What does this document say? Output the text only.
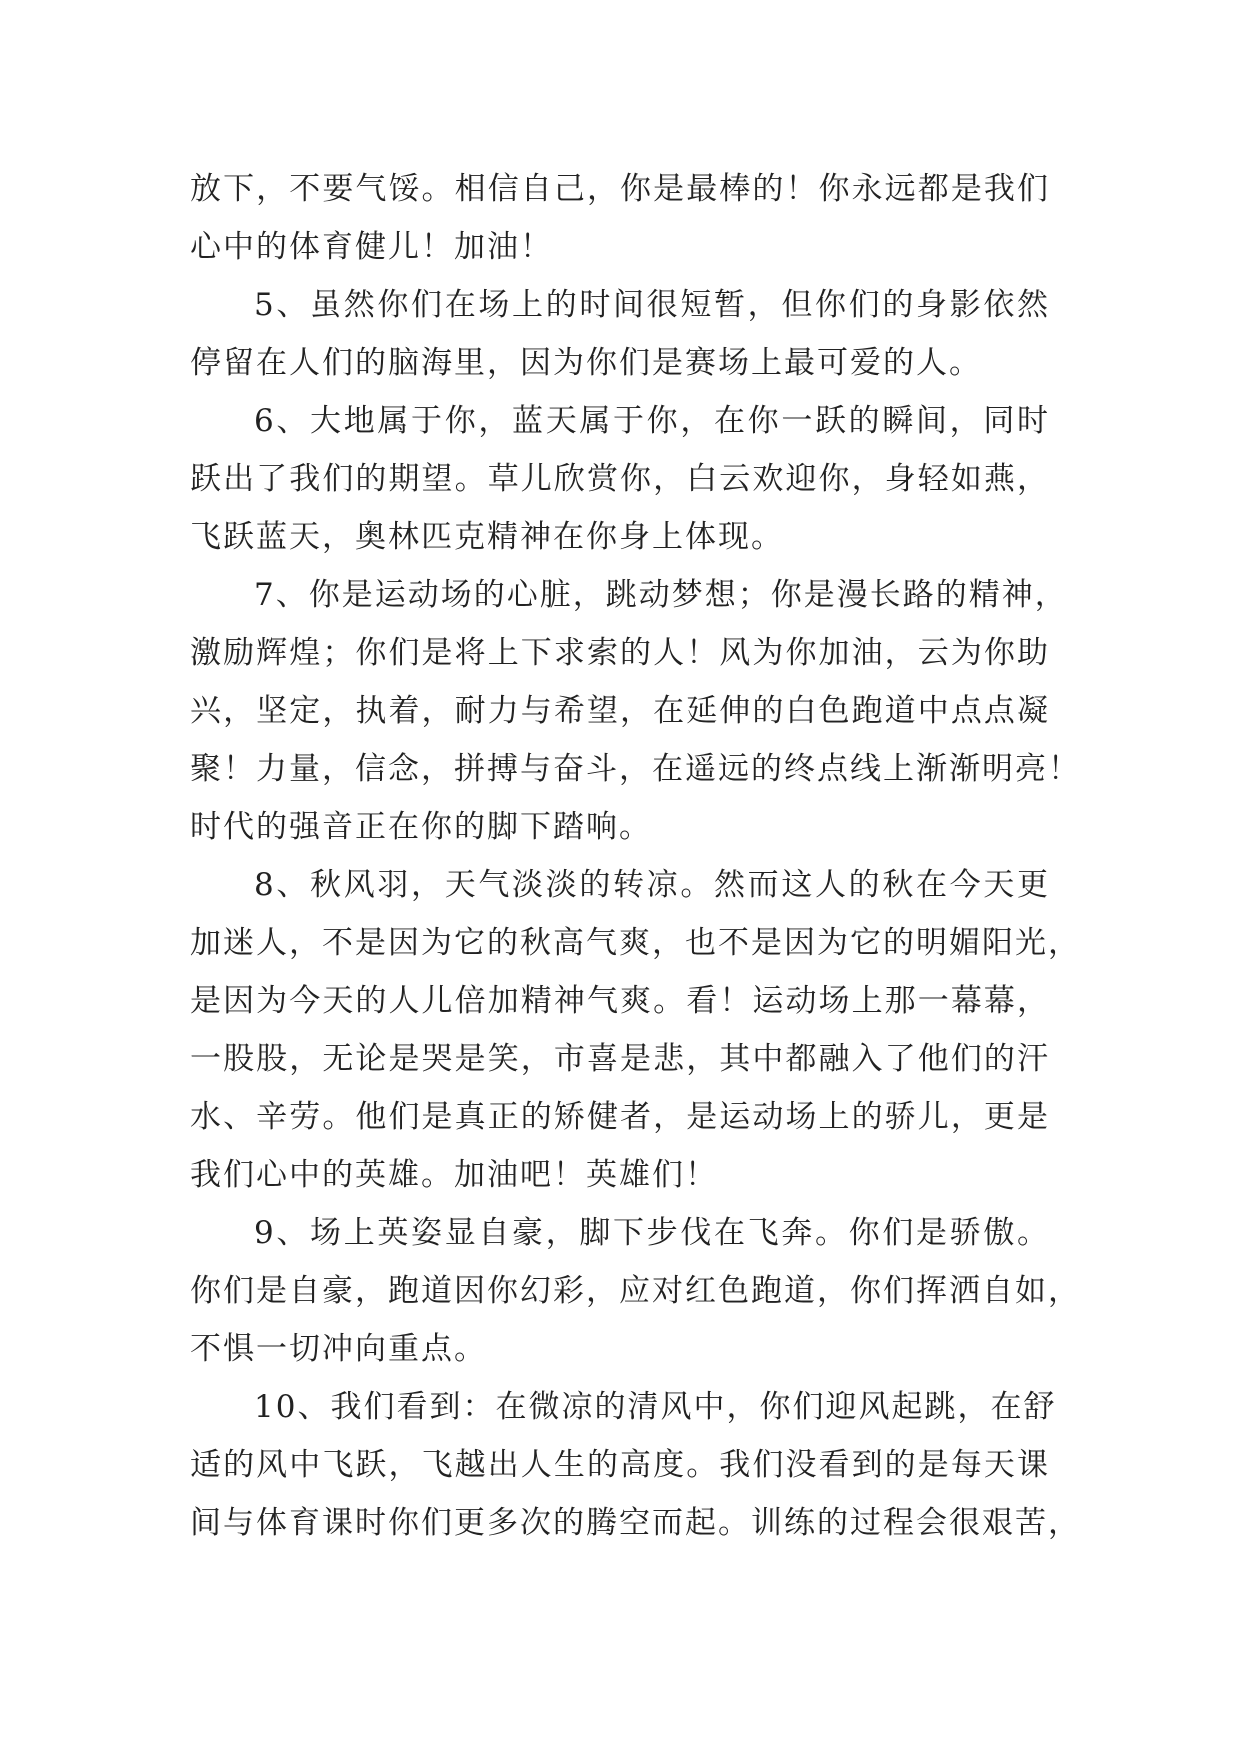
放下，不要气馁。相信自己，你是最棒的！你永远都是我们
心中的体育健儿！加油！
5、虽然你们在场上的时间很短暂，但你们的身影依然
停留在人们的脑海里，因为你们是赛场上最可爱的人。
6、大地属于你，蓝天属于你，在你一跃的瞬间，同时
跃出了我们的期望。草儿欣赏你，白云欢迎你，身轻如燕，
飞跃蓝天，奥林匹克精神在你身上体现。
7、你是运动场的心脏，跳动梦想；你是漫长路的精神，
激励辉煌；你们是将上下求索的人！风为你加油，云为你助
兴，坚定，执着，耐力与希望，在延伸的白色跑道中点点凝
聚！力量，信念，拼搏与奋斗，在遥远的终点线上渐渐明亮！
时代的强音正在你的脚下踏响。
8、秋风羽，天气淡淡的转凉。然而这人的秋在今天更
加迷人，不是因为它的秋高气爽，也不是因为它的明媚阳光，
是因为今天的人儿倍加精神气爽。看！运动场上那一幕幕，
一股股，无论是哭是笑，市喜是悲，其中都融入了他们的汗
水、辛劳。他们是真正的矫健者，是运动场上的骄儿，更是
我们心中的英雄。加油吧！英雄们！
9、场上英姿显自豪，脚下步伐在飞奔。你们是骄傲。
你们是自豪，跑道因你幻彩，应对红色跑道，你们挥洒自如，
不惧一切冲向重点。
10、我们看到：在微凉的清风中，你们迎风起跳，在舒
适的风中飞跃，飞越出人生的高度。我们没看到的是每天课
间与体育课时你们更多次的腾空而起。训练的过程会很艰苦，
